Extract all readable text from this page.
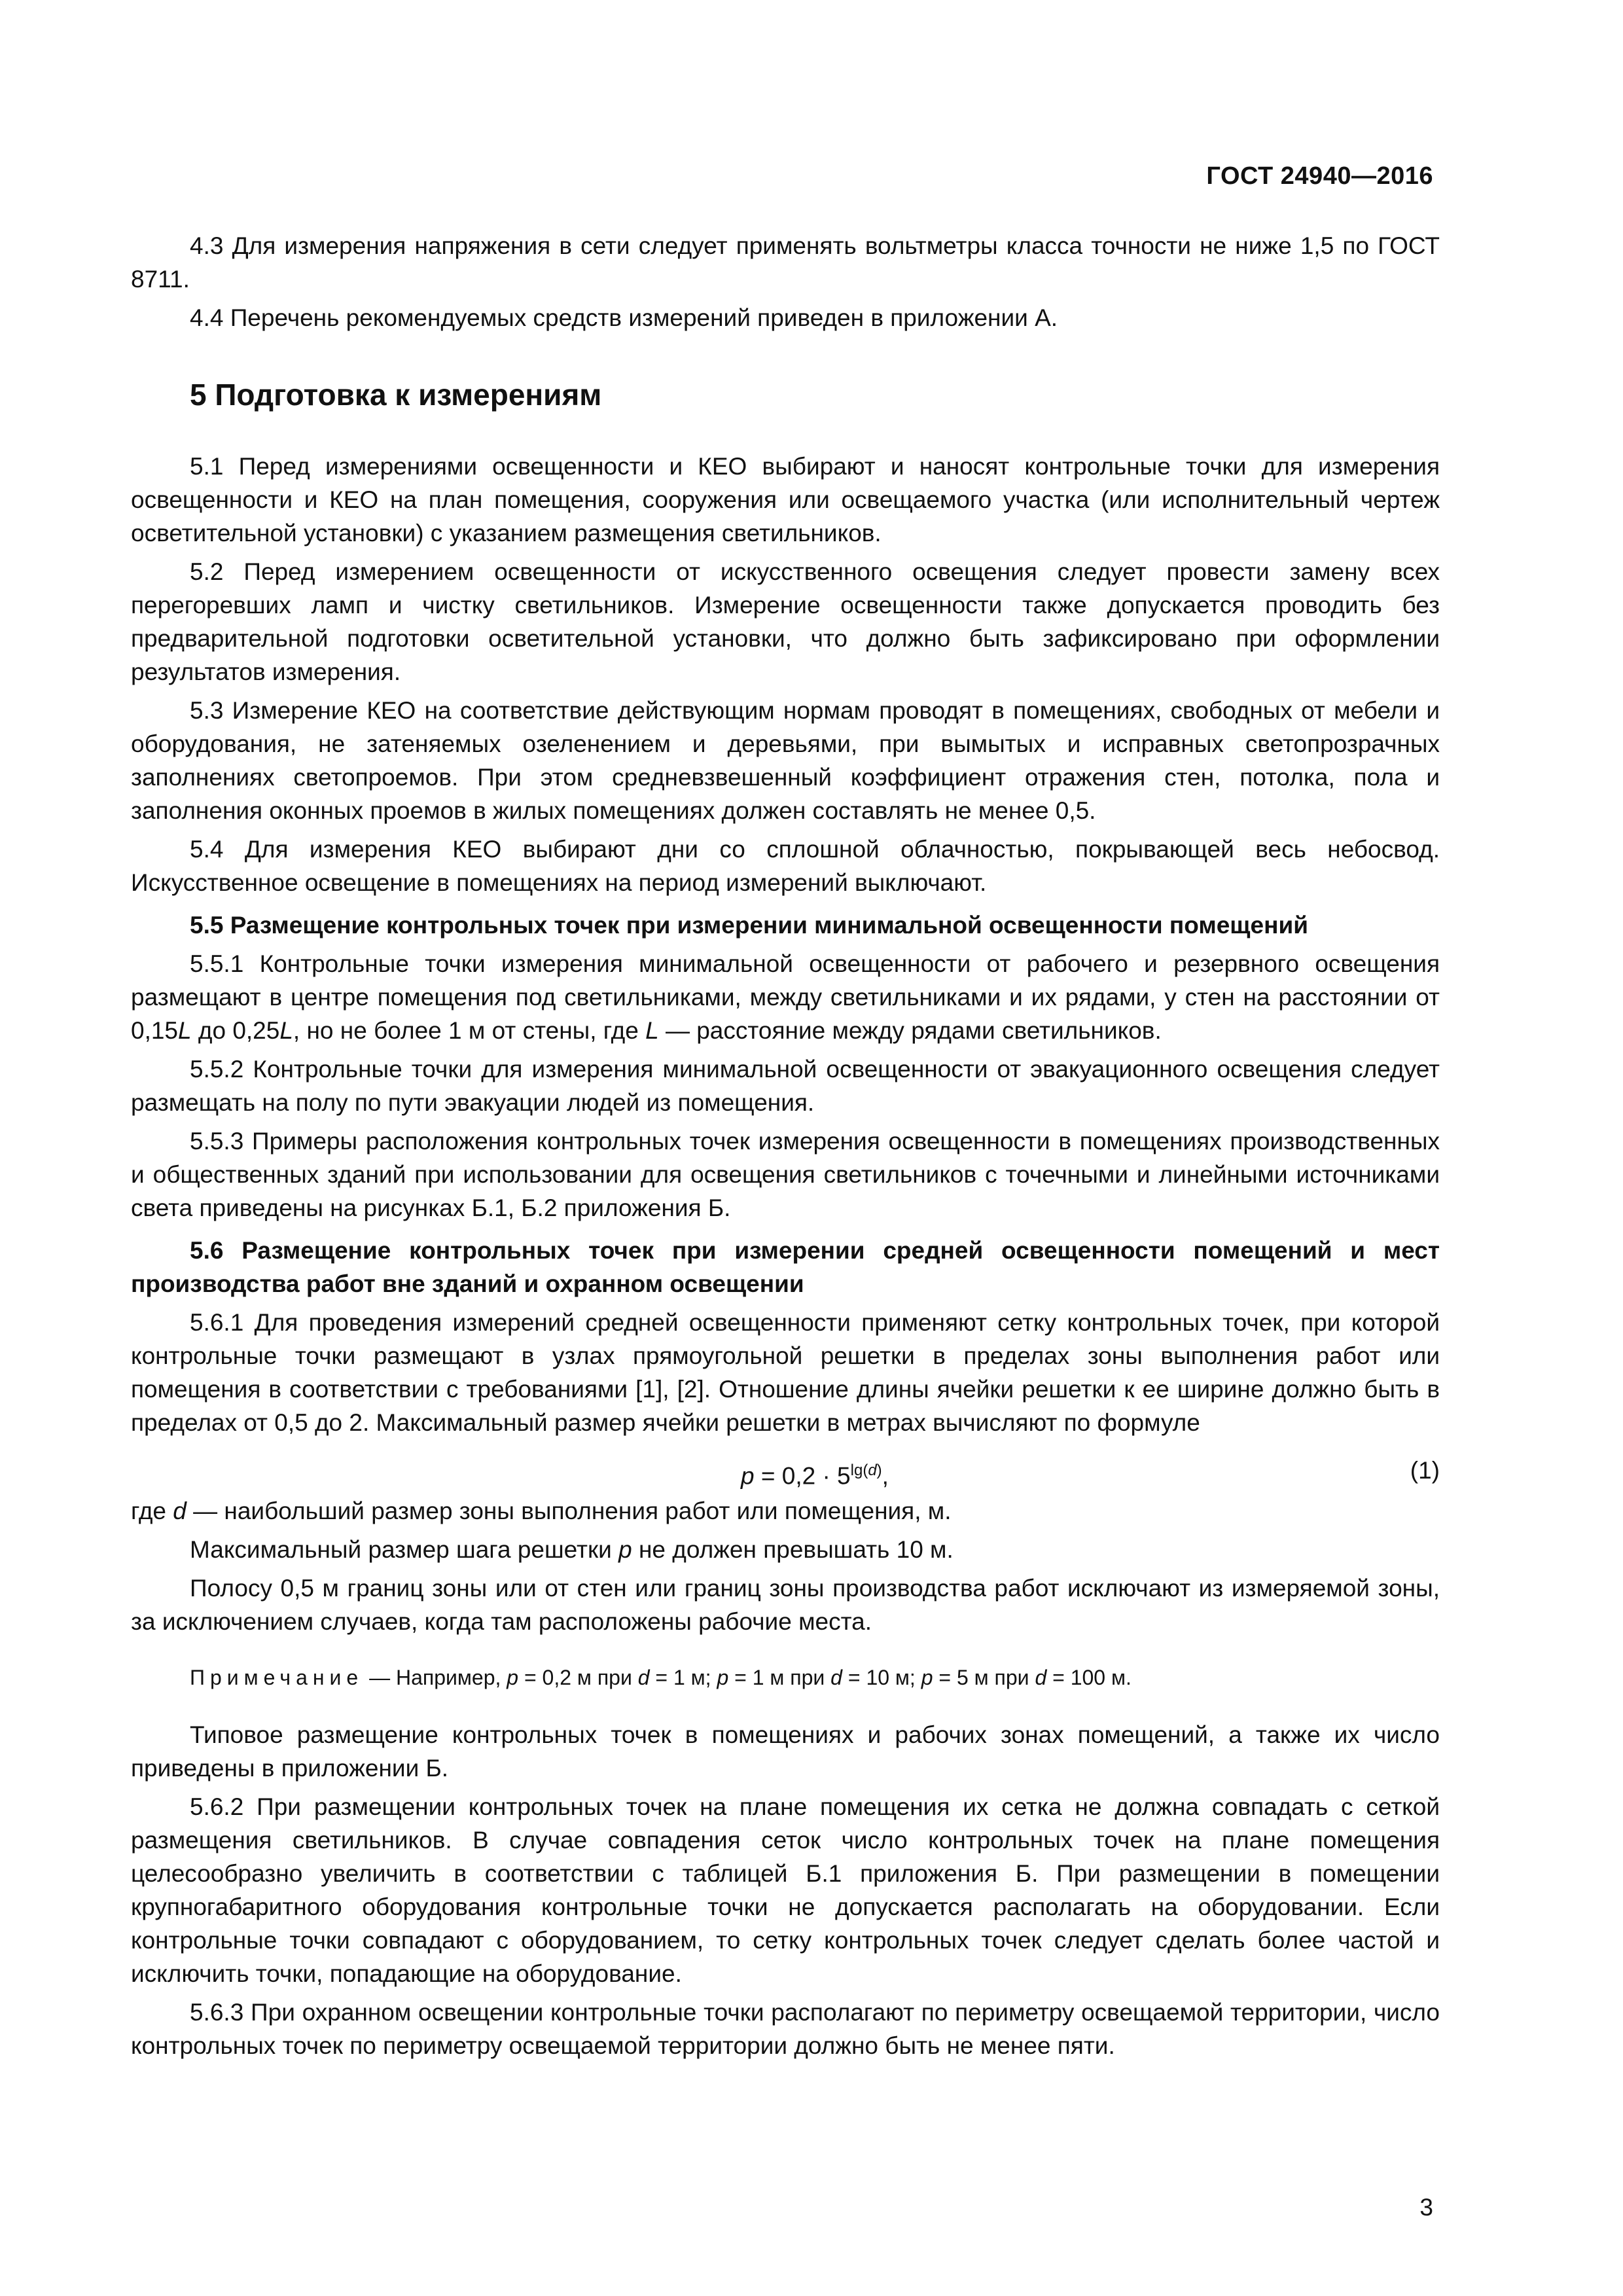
ГОСТ 24940—2016

4.3 Для измерения напряжения в сети следует применять вольтметры класса точности не ниже 1,5 по ГОСТ 8711.

4.4 Перечень рекомендуемых средств измерений приведен в приложении А.

5 Подготовка к измерениям

5.1 Перед измерениями освещенности и КЕО выбирают и наносят контрольные точки для измерения освещенности и КЕО на план помещения, сооружения или освещаемого участка (или исполнительный чертеж осветительной установки) с указанием размещения светильников.

5.2 Перед измерением освещенности от искусственного освещения следует провести замену всех перегоревших ламп и чистку светильников. Измерение освещенности также допускается проводить без предварительной подготовки осветительной установки, что должно быть зафиксировано при оформлении результатов измерения.

5.3 Измерение КЕО на соответствие действующим нормам проводят в помещениях, свободных от мебели и оборудования, не затеняемых озеленением и деревьями, при вымытых и исправных светопрозрачных заполнениях светопроемов. При этом средневзвешенный коэффициент отражения стен, потолка, пола и заполнения оконных проемов в жилых помещениях должен составлять не менее 0,5.

5.4 Для измерения КЕО выбирают дни со сплошной облачностью, покрывающей весь небосвод. Искусственное освещение в помещениях на период измерений выключают.

5.5 Размещение контрольных точек при измерении минимальной освещенности помещений

5.5.1 Контрольные точки измерения минимальной освещенности от рабочего и резервного освещения размещают в центре помещения под светильниками, между светильниками и их рядами, у стен на расстоянии от 0,15L до 0,25L, но не более 1 м от стены, где L — расстояние между рядами светильников.

5.5.2 Контрольные точки для измерения минимальной освещенности от эвакуационного освещения следует размещать на полу по пути эвакуации людей из помещения.

5.5.3 Примеры расположения контрольных точек измерения освещенности в помещениях производственных и общественных зданий при использовании для освещения светильников с точечными и линейными источниками света приведены на рисунках Б.1, Б.2 приложения Б.

5.6 Размещение контрольных точек при измерении средней освещенности помещений и мест производства работ вне зданий и охранном освещении

5.6.1 Для проведения измерений средней освещенности применяют сетку контрольных точек, при которой контрольные точки размещают в узлах прямоугольной решетки в пределах зоны выполнения работ или помещения в соответствии с требованиями [1], [2]. Отношение длины ячейки решетки к ее ширине должно быть в пределах от 0,5 до 2. Максимальный размер ячейки решетки в метрах вычисляют по формуле

$p = 0,2 \cdot 5^{lg(d)}$,	(1)

где d — наибольший размер зоны выполнения работ или помещения, м.

Максимальный размер шага решетки p не должен превышать 10 м.

Полосу 0,5 м границ зоны или от стен или границ зоны производства работ исключают из измеряемой зоны, за исключением случаев, когда там расположены рабочие места.

Примечание — Например, p = 0,2 м при d = 1 м; p = 1 м при d = 10 м; p = 5 м при d = 100 м.

Типовое размещение контрольных точек в помещениях и рабочих зонах помещений, а также их число приведены в приложении Б.

5.6.2 При размещении контрольных точек на плане помещения их сетка не должна совпадать с сеткой размещения светильников. В случае совпадения сеток число контрольных точек на плане помещения целесообразно увеличить в соответствии с таблицей Б.1 приложения Б. При размещении в помещении крупногабаритного оборудования контрольные точки не допускается располагать на оборудовании. Если контрольные точки совпадают с оборудованием, то сетку контрольных точек следует сделать более частой и исключить точки, попадающие на оборудование.

5.6.3 При охранном освещении контрольные точки располагают по периметру освещаемой территории, число контрольных точек по периметру освещаемой территории должно быть не менее пяти.

3
